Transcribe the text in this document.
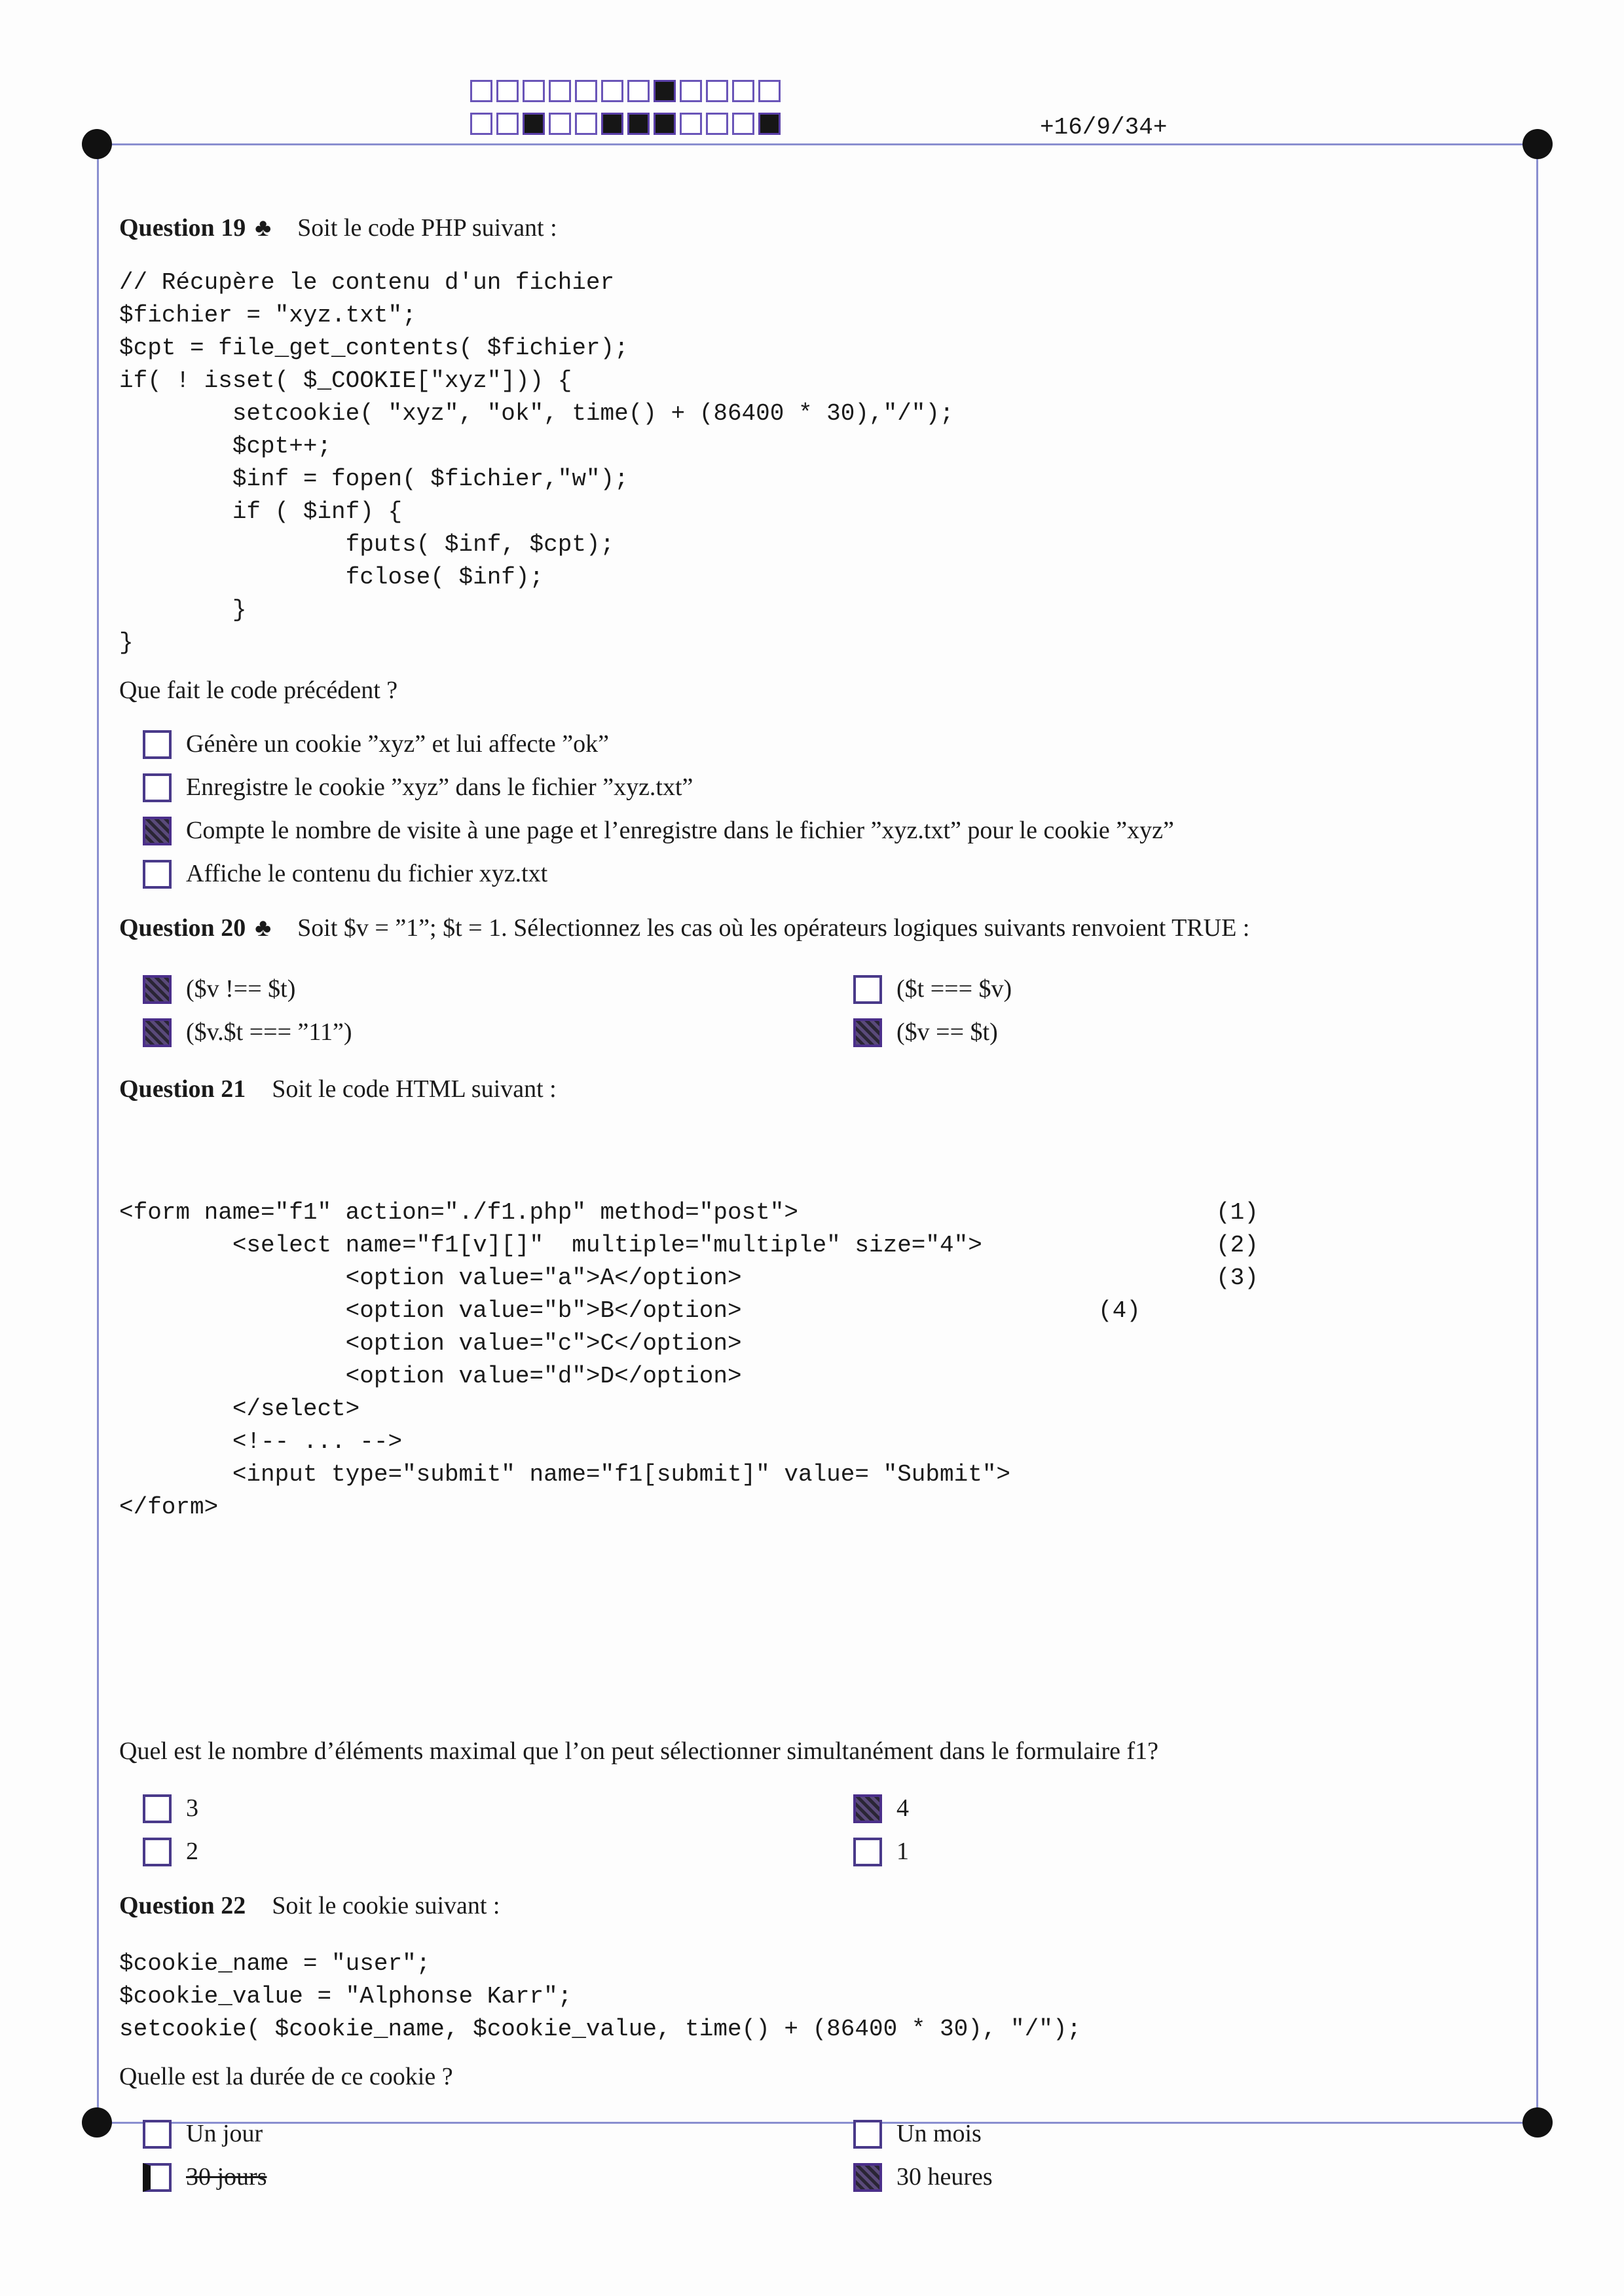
+16/9/34+

Question 19 ♣ Soit le code PHP suivant :

// Récupère le contenu d'un fichier
$fichier = "xyz.txt";
$cpt = file_get_contents( $fichier);
if( ! isset( $_COOKIE["xyz"])) {
setcookie( "xyz", "ok", time() + (86400 * 30),"/");
$cpt++;
$inf = fopen( $fichier,"w");
if ( $inf) {
fputs( $inf, $cpt);
fclose( $inf);
}
}
Que fait le code précédent ?
Génère un cookie ”xyz” et lui affecte ”ok”
Enregistre le cookie ”xyz” dans le fichier ”xyz.txt”
Compte le nombre de visite à une page et l’enregistre dans le fichier ”xyz.txt” pour le cookie ”xyz”
Affiche le contenu du fichier xyz.txt

Question 20 ♣ Soit $v = ”1”; $t = 1. Sélectionnez les cas où les opérateurs logiques suivants renvoient TRUE :

($v !== $t)	($t === $v)
($v.$t === ”11”)	($v == $t)

Question 21 Soit le code HTML suivant :

<form name="f1" action="./f1.php" method="post">
<select name="f1[v][]"  multiple="multiple" size="4">
<option value="a">A</option>
<option value="b">B</option>
<option value="c">C</option>
<option value="d">D</option>
</select>
<!-- ... -->
<input type="submit" name="f1[submit]" value= "Submit">
</form>

(1)

(2)

(3)

(4)

Quel est le nombre d’éléments maximal que l’on peut sélectionner simultanément dans le formulaire f1?
3	4
2	1

Question 22 Soit le cookie suivant :

$cookie_name = "user";
$cookie_value = "Alphonse Karr";
setcookie( $cookie_name, $cookie_value, time() + (86400 * 30), "/");
Quelle est la durée de ce cookie ?
Un jour	Un mois
30 jours	30 heures
